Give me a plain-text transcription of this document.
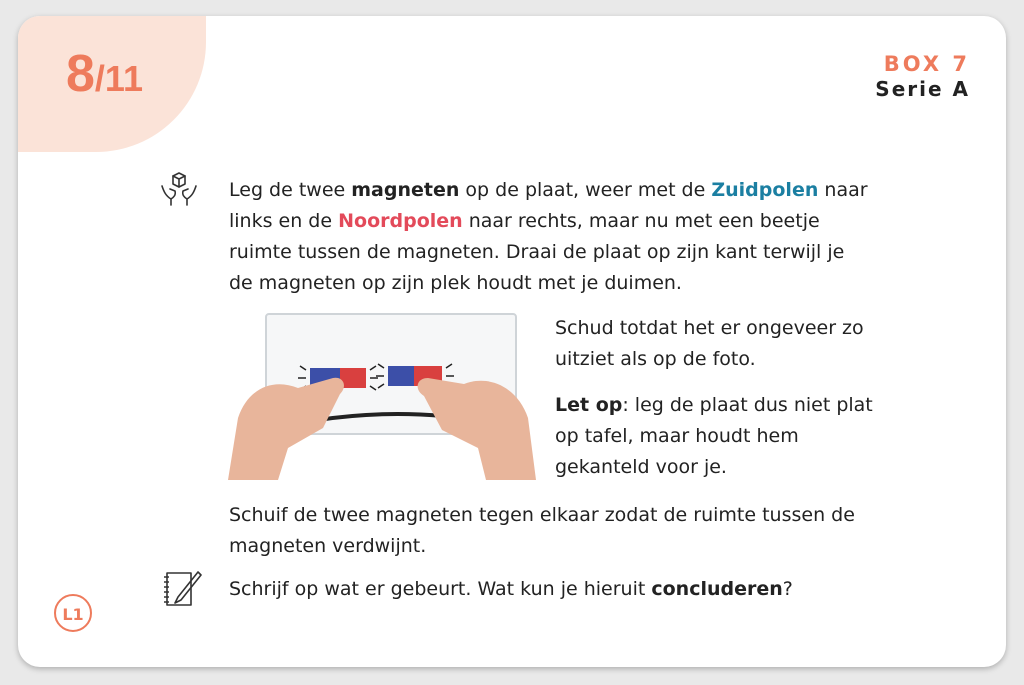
8/11	BOX 7
Serie A
Leg de twee magneten op de plaat, weer met de Zuidpolen naar links en de Noordpolen naar rechts, maar nu met een beetje ruimte tussen de magneten. Draai de plaat op zijn kant terwijl je de magneten op zijn plek houdt met je duimen.
Schud totdat het er ongeveer zo uitziet als op de foto.
Let op: leg de plaat dus niet plat op tafel, maar houdt hem gekanteld voor je.
Schuif de twee magneten tegen elkaar zodat de ruimte tussen de magneten verdwijnt.
Schrijf op wat er gebeurt. Wat kun je hieruit concluderen?
L1
